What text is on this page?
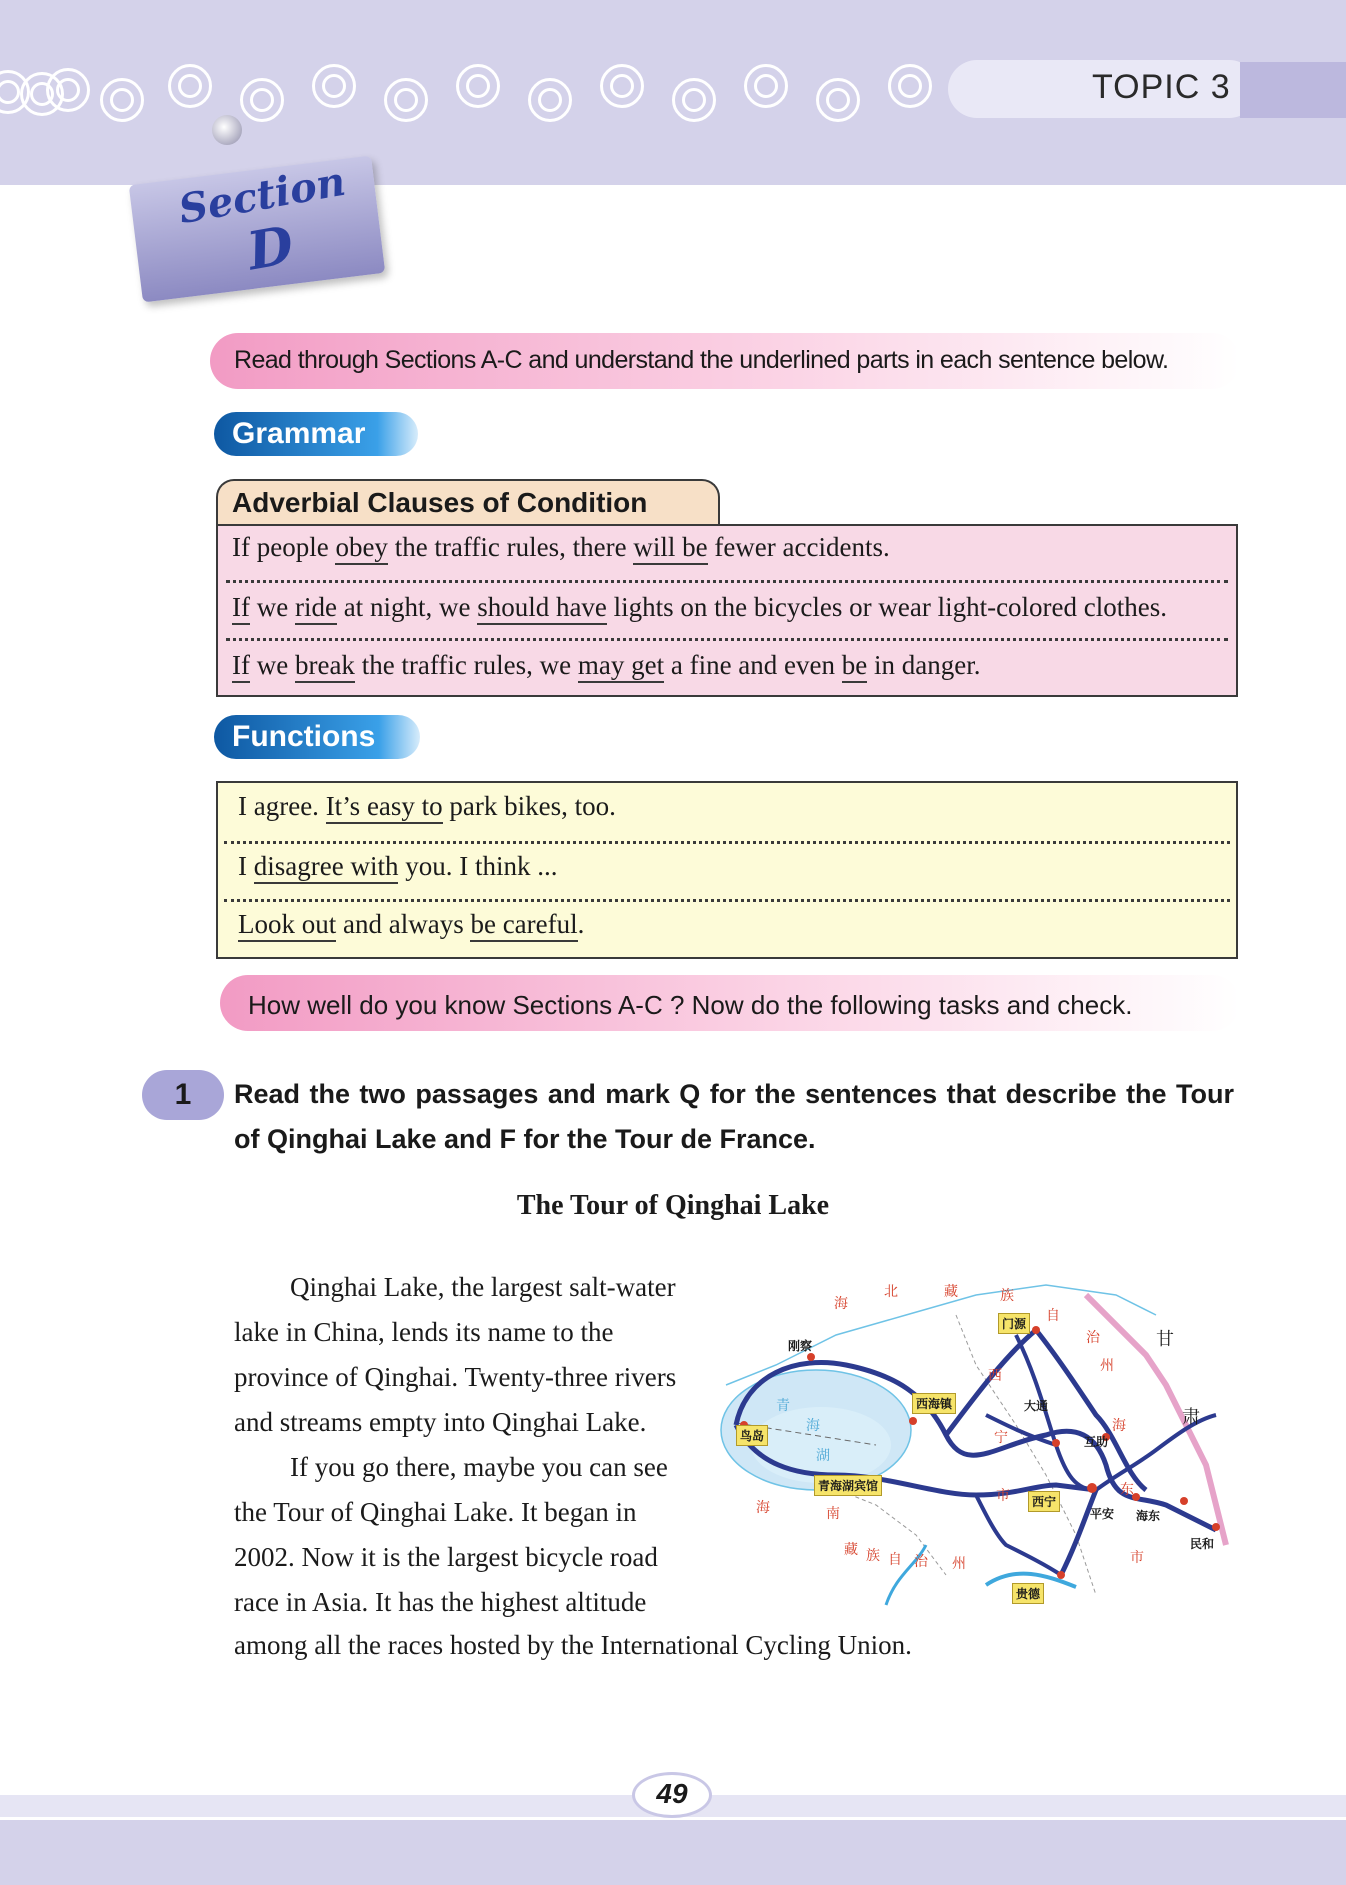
TOPIC 3
Section
D
Read through Sections A-C and understand the underlined parts in each sentence below.
Grammar
Adverbial Clauses of Condition
If people obey the traffic rules, there will be fewer accidents.
If we ride at night, we should have lights on the bicycles or wear light-colored clothes.
If we break the traffic rules, we may get a fine and even be in danger.
Functions
I agree. It’s easy to park bikes, too.
I disagree with you. I think ...
Look out and always be careful.
How well do you know Sections A-C ? Now do the following tasks and check.
1	Read the two passages and mark Q for the sentences that describe the Tour of Qinghai Lake and F for the Tour de France.
The Tour of Qinghai Lake
Qinghai Lake, the largest salt-water
lake in China, lends its name to the
province of Qinghai. Twenty-three rivers
and streams empty into Qinghai Lake.
If you go there, maybe you can see
the Tour of Qinghai Lake. It began in
2002. Now it is the largest bicycle road
race in Asia. It has the highest altitude
among all the races hosted by the International Cycling Union.
刚察
门源
西海镇	大通
互助
鸟岛
青海湖宾馆
西宁
平安 海东
民和
贵德
甘
肃
青
海
湖
海
北	藏	族
自
治
州
西
宁
市
海	南
藏 族 自 治 州
海
东
市
49
